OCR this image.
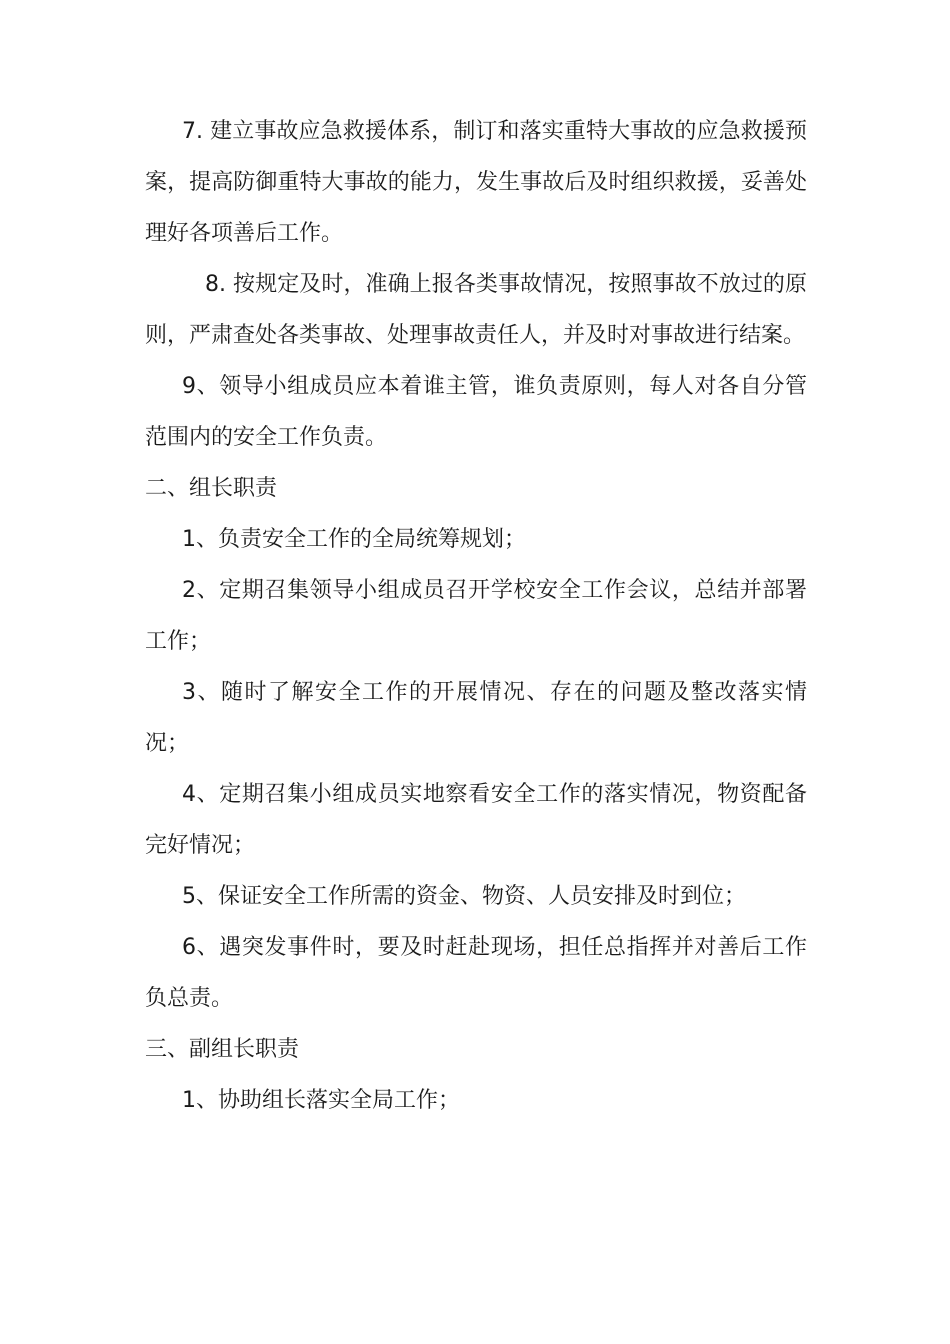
7. 建立事故应急救援体系，制订和落实重特大事故的应急救援预案，提高防御重特大事故的能力，发生事故后及时组织救援，妥善处理好各项善后工作。

8. 按规定及时，准确上报各类事故情况，按照事故不放过的原则，严肃查处各类事故、处理事故责任人，并及时对事故进行结案。

9、领导小组成员应本着谁主管，谁负责原则，每人对各自分管范围内的安全工作负责。

二、组长职责

1、负责安全工作的全局统筹规划；

2、定期召集领导小组成员召开学校安全工作会议，总结并部署工作；

3、随时了解安全工作的开展情况、存在的问题及整改落实情况；

4、定期召集小组成员实地察看安全工作的落实情况，物资配备完好情况；

5、保证安全工作所需的资金、物资、人员安排及时到位；

6、遇突发事件时，要及时赶赴现场，担任总指挥并对善后工作负总责。

三、副组长职责

1、协助组长落实全局工作；
